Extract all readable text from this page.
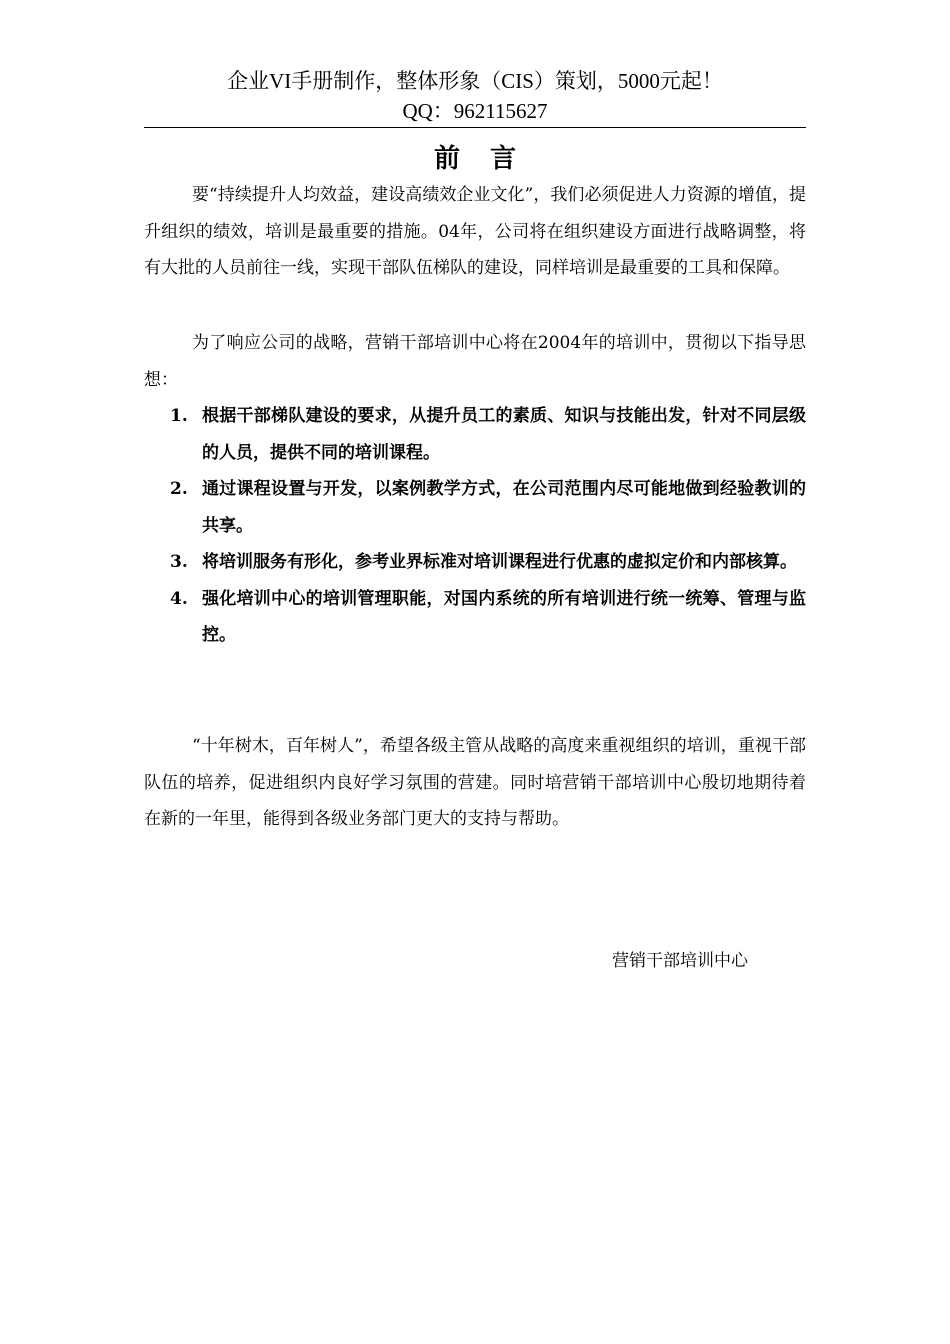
企业VI手册制作，整体形象（CIS）策划，5000元起！
QQ：962115627
前言
要“持续提升人均效益，建设高绩效企业文化”，我们必须促进人力资源的增值，提升组织的绩效，培训是最重要的措施。04年，公司将在组织建设方面进行战略调整，将有大批的人员前往一线，实现干部队伍梯队的建设，同样培训是最重要的工具和保障。
为了响应公司的战略，营销干部培训中心将在2004年的培训中，贯彻以下指导思想：
1. 根据干部梯队建设的要求，从提升员工的素质、知识与技能出发，针对不同层级的人员，提供不同的培训课程。
2. 通过课程设置与开发，以案例教学方式，在公司范围内尽可能地做到经验教训的共享。
3. 将培训服务有形化，参考业界标准对培训课程进行优惠的虚拟定价和内部核算。
4. 强化培训中心的培训管理职能，对国内系统的所有培训进行统一统筹、管理与监控。
“十年树木，百年树人”，希望各级主管从战略的高度来重视组织的培训，重视干部队伍的培养，促进组织内良好学习氛围的营建。同时培营销干部培训中心殷切地期待着在新的一年里，能得到各级业务部门更大的支持与帮助。
营销干部培训中心
